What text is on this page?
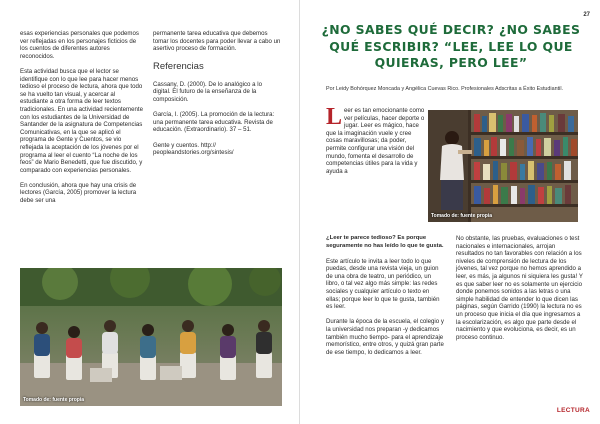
esas experiencias personales que podemos ver reflejadas en los personajes ficticios de los cuentos de diferentes autores reconocidos.

Esta actividad busca que el lector se identifique con lo que lee para hacer menos tedioso el proceso de lectura, ahora que todo se ha vuelto tan visual, y acercar al estudiante a otra forma de leer textos tradicionales. En una actividad recientemente con los estudiantes de la Universidad de Santander de la asignatura de Competencias Comunicativas, en la que se aplicó el programa de Gente y Cuentos, se vio reflejada la aceptación de los jóvenes por el programa al leer el cuento “La noche de los feos” de Mario Benedetti, que fue discutido, y comparado con experiencias personales.

En conclusión, ahora que hay una crisis de lectores (García, 2005) promover la lectura debe ser una

permanente tarea educativa que debemos tomar los docentes para poder llevar a cabo un asertivo proceso de formación.

Referencias

Cassany, D. (2000). De lo analógico a lo digital. El futuro de la enseñanza de la composición.

García, I. (2005). La promoción de la lectura: una permanente tarea educativa. Revista de educación. (Extraordinario). 37 – 51.

Gente y cuentos. http:// peopleandstories.org/sintesis/

Tomado de: fuente propia
27
Tomado de: fuente propia
¿NO SABES QUÉ DECIR? ¿NO SABES QUÉ ESCRIBIR? “LEE, LEE LO QUE QUIERAS, PERO LEE”
Por Leidy Bohórquez Moncada y Angélica Cuevas Rico. Profesionales Adscritas a Éxito Estudiantil.
L eer es tan emocionante como ver películas, hacer deporte o jugar. Leer es mágico, hace que la imaginación vuele y cree cosas maravillosas; da poder, permite configurar una visión del mundo, fomenta el desarrollo de competencias útiles para la vida y ayuda a

¿Leer te parece tedioso? Es porque seguramente no has leído lo que te gusta.

Este artículo te invita a leer todo lo que puedas, desde una revista vieja, un guion de una obra de teatro, un periódico, un libro, o tal vez algo más simple: las redes sociales y cualquier artículo o texto en ellas; porque leer lo que te gusta, también es leer.

Durante la época de la escuela, el colegio y la universidad nos preparan -y dedicamos también mucho tiempo- para el aprendizaje memorístico, entre otros, y quizá gran parte de ese tiempo, lo dedicamos a leer.

No obstante, las pruebas, evaluaciones o test nacionales e internacionales, arrojan resultados no tan favorables con relación a los niveles de comprensión de lectura de los jóvenes, tal vez porque no hemos aprendido a leer, es más, ja algunos ni siquiera les gusta! Y es que saber leer no es solamente un ejercicio donde ponemos sonidos a las letras o una simple habilidad de entender lo que dicen las páginas, según Garrido (1990) la lectura no es un proceso que inicia el día que ingresamos a la escolarización, es algo que parte desde el nacimiento y que evoluciona, es decir, es un proceso continuo.

LECTURA
